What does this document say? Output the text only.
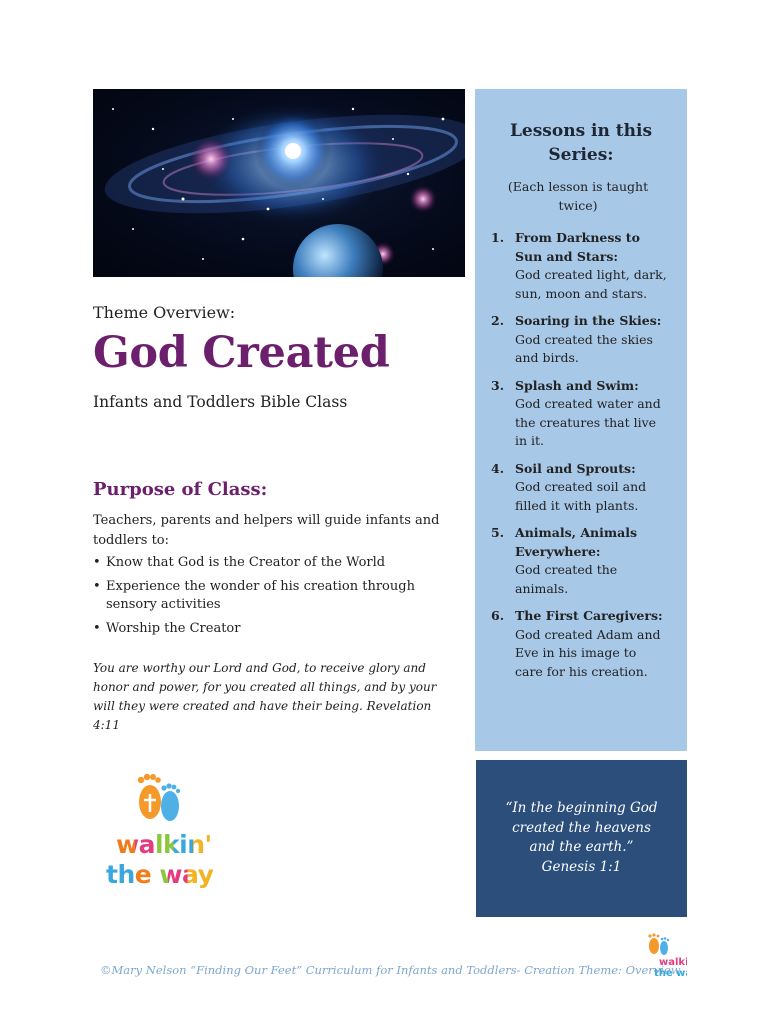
Theme Overview:
God Created
Infants and Toddlers Bible Class
Purpose of Class:
Teachers, parents and helpers will guide infants and toddlers to:
• Know that God is the Creator of the World
• Experience the wonder of his creation through sensory activities
• Worship the Creator
You are worthy our Lord and God, to receive glory and honor and power, for you created all things, and by your will they were created and have their being. Revelation 4:11
walkin'
the way
Lessons in this Series:
(Each lesson is taught twice)
1. From Darkness to Sun and Stars:
God created light, dark, sun, moon and stars.
2. Soaring in the Skies:
God created the skies and birds.
3. Splash and Swim:
God created water and the creatures that live in it.
4. Soil and Sprouts:
God created soil and filled it with plants.
5. Animals, Animals Everywhere:
God created the animals.
6. The First Caregivers:
God created Adam and Eve in his image to care for his creation.
“In the beginning God
created the heavens
and the earth.”
Genesis 1:1
©Mary Nelson “Finding Our Feet” Curriculum for Infants and Toddlers- Creation Theme: Overview
walki
the w
